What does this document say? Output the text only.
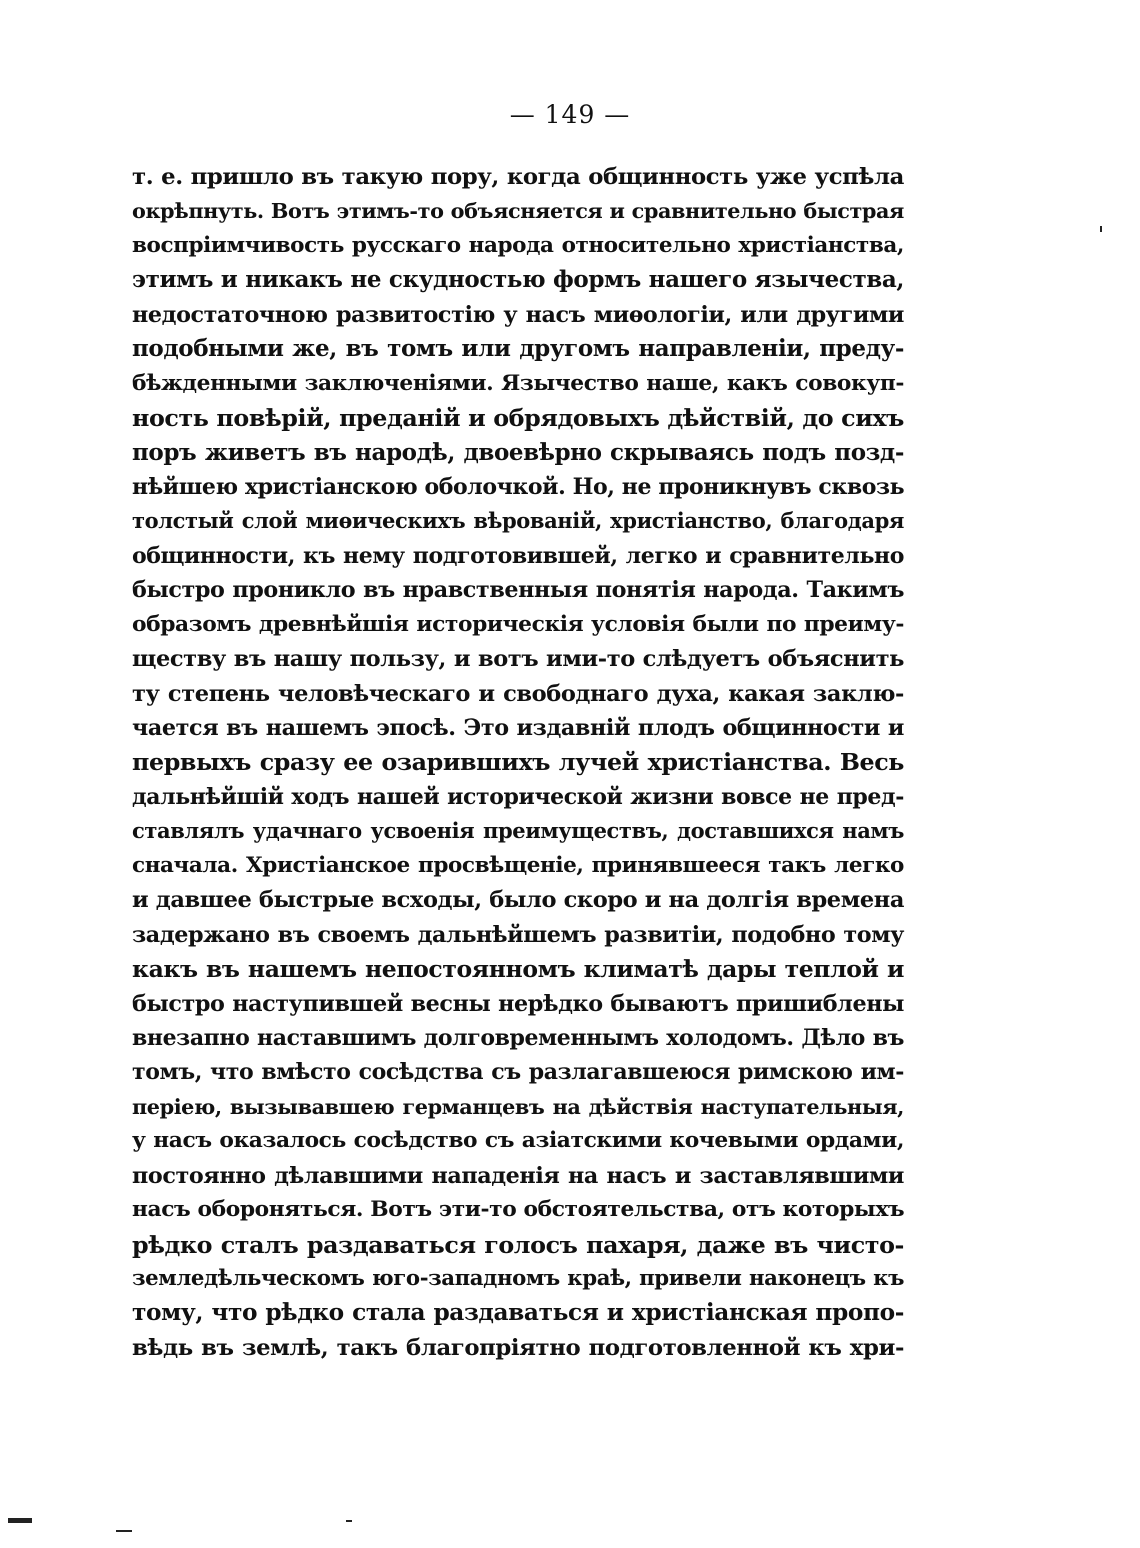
— 149 —
т. е. пришло въ такую пору, когда общинность уже успѣла
окрѣпнуть. Вотъ этимъ-то объясняется и сравнительно быстрая
воспріимчивость русскаго народа относительно христіанства,
этимъ и никакъ не скудностью формъ нашего язычества,
недостаточною развитостію у насъ миѳологіи, или другими
подобными же, въ томъ или другомъ направленіи, преду-
бѣжденными заключеніями. Язычество наше, какъ совокуп-
ность повѣрій, преданій и обрядовыхъ дѣйствій, до сихъ
поръ живетъ въ народѣ, двоевѣрно скрываясь подъ позд-
нѣйшею христіанскою оболочкой. Но, не проникнувъ сквозь
толстый слой миѳическихъ вѣрованій, христіанство, благодаря
общинности, къ нему подготовившей, легко и сравнительно
быстро проникло въ нравственныя понятія народа. Такимъ
образомъ древнѣйшія историческія условія были по преиму-
ществу въ нашу пользу, и вотъ ими-то слѣдуетъ объяснить
ту степень человѣческаго и свободнаго духа, какая заклю-
чается въ нашемъ эпосѣ. Это издавній плодъ общинности и
первыхъ сразу ее озарившихъ лучей христіанства. Весь
дальнѣйшій ходъ нашей исторической жизни вовсе не пред-
ставлялъ удачнаго усвоенія преимуществъ, доставшихся намъ
сначала. Христіанское просвѣщеніе, принявшееся такъ легко
и давшее быстрые всходы, было скоро и на долгія времена
задержано въ своемъ дальнѣйшемъ развитіи, подобно тому
какъ въ нашемъ непостоянномъ климатѣ дары теплой и
быстро наступившей весны нерѣдко бываютъ пришиблены
внезапно наставшимъ долговременнымъ холодомъ. Дѣло въ
томъ, что вмѣсто сосѣдства съ разлагавшеюся римскою им-
періею, вызывавшею германцевъ на дѣйствія наступательныя,
у насъ оказалось сосѣдство съ азіатскими кочевыми ордами,
постоянно дѣлавшими нападенія на насъ и заставлявшими
насъ обороняться. Вотъ эти-то обстоятельства, отъ которыхъ
рѣдко сталъ раздаваться голосъ пахаря, даже въ чисто-
земледѣльческомъ юго-западномъ краѣ, привели наконецъ къ
тому, что рѣдко стала раздаваться и христіанская пропо-
вѣдь въ землѣ, такъ благопріятно подготовленной къ хри-
